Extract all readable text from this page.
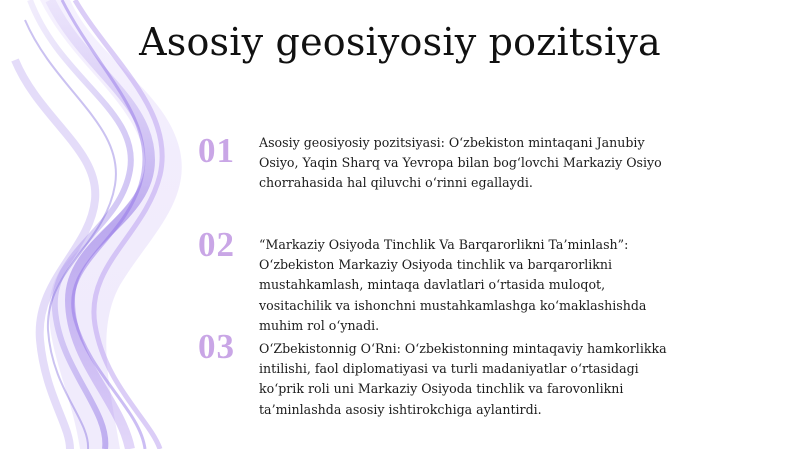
Asosiy geosiyosiy pozitsiya
01	Asosiy geosiyosiy pozitsiyasi: O‘zbekiston mintaqani Janubiy
Osiyo, Yaqin Sharq va Yevropa bilan bog‘lovchi Markaziy Osiyo
chorrahasida hal qiluvchi o‘rinni egallaydi.
02	“Markaziy Osiyoda Tinchlik Va Barqarorlikni Ta’minlash”:
O‘zbekiston Markaziy Osiyoda tinchlik va barqarorlikni
mustahkamlash, mintaqa davlatlari o‘rtasida muloqot,
vositachilik va ishonchni mustahkamlashga ko‘maklashishda
muhim rol o‘ynadi.
03	O‘Zbekistonnig O‘Rni: O‘zbekistonning mintaqaviy hamkorlikka
intilishi, faol diplomatiyasi va turli madaniyatlar o‘rtasidagi
ko‘prik roli uni Markaziy Osiyoda tinchlik va farovonlikni
ta’minlashda asosiy ishtirokchiga aylantirdi.
